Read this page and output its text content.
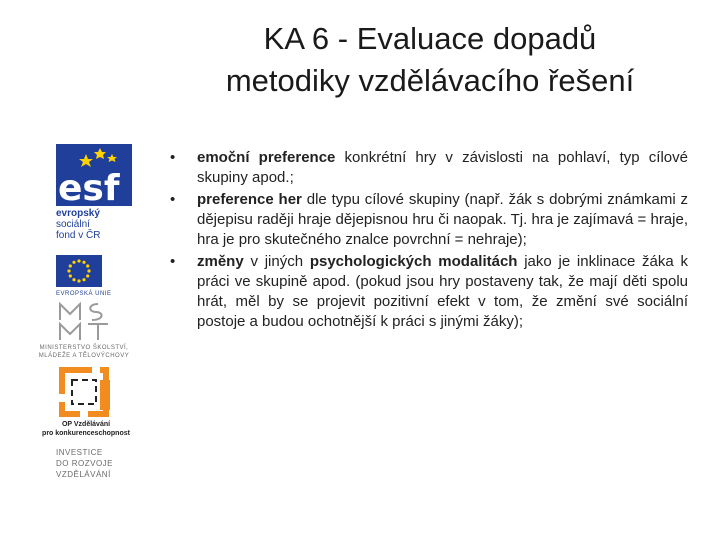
KA 6 - Evaluace dopadů
metodiky vzdělávacího řešení
esf
evropský
sociální
fond v ČR
EVROPSKÁ UNIE
MINISTERSTVO ŠKOLSTVÍ,
MLÁDEŽE A TĚLOVÝCHOVY
OP Vzdělávání
pro konkurenceschopnost
INVESTICE
DO ROZVOJE
VZDĚLÁVÁNÍ
• emoční preference konkrétní hry v závislosti na pohlaví, typ cílové skupiny apod.;
• preference her dle typu cílové skupiny (např. žák s dobrými známkami z dějepisu raději hraje dějepisnou hru či naopak. Tj. hra je zajímavá = hraje, hra je pro skutečného znalce povrchní = nehraje);
• změny v jiných psychologických modalitách jako je inklinace žáka k práci ve skupině apod. (pokud jsou hry postaveny tak, že mají děti spolu hrát, měl by se projevit pozitivní efekt v tom, že změní své sociální postoje a budou ochotnější k práci s jinými žáky);
